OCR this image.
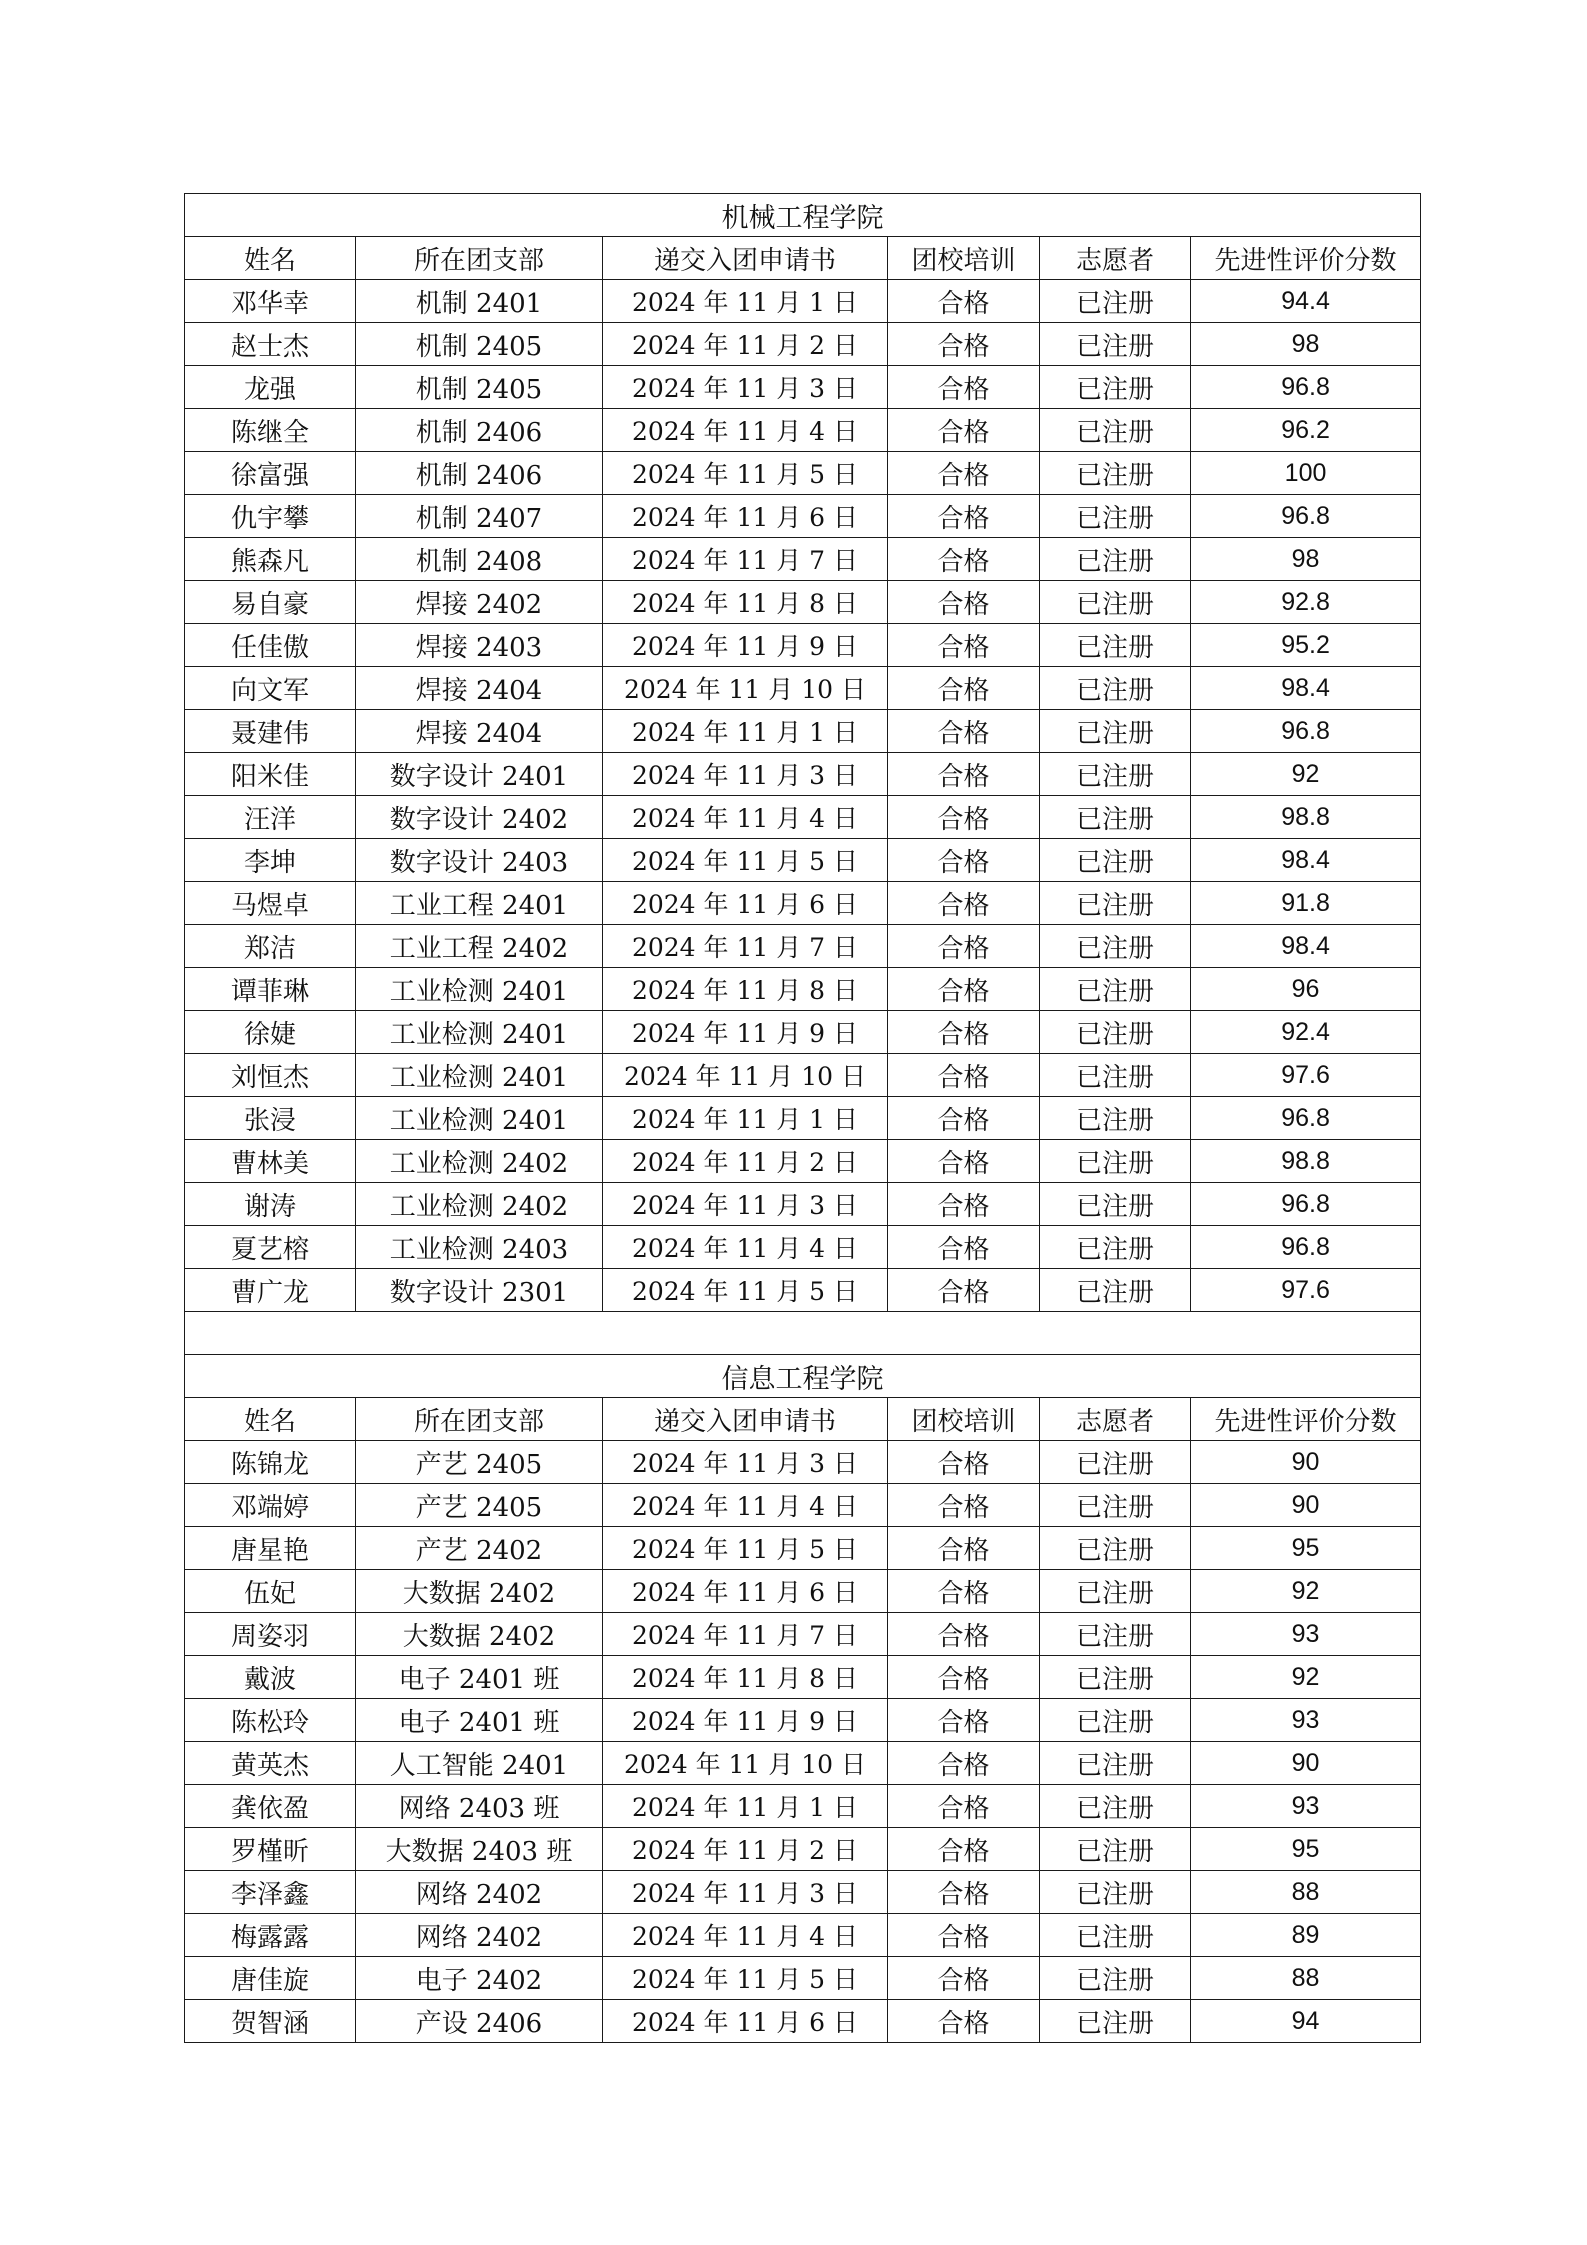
机械工程学院					
姓名	所在团支部	递交入团申请书	团校培训	志愿者	先进性评价分数
邓华幸	机制 2401	2024 年 11 月 1 日	合格	已注册	94.4
赵士杰	机制 2405	2024 年 11 月 2 日	合格	已注册	98
龙强	机制 2405	2024 年 11 月 3 日	合格	已注册	96.8
陈继全	机制 2406	2024 年 11 月 4 日	合格	已注册	96.2
徐富强	机制 2406	2024 年 11 月 5 日	合格	已注册	100
仇宇攀	机制 2407	2024 年 11 月 6 日	合格	已注册	96.8
熊森凡	机制 2408	2024 年 11 月 7 日	合格	已注册	98
易自豪	焊接 2402	2024 年 11 月 8 日	合格	已注册	92.8
任佳傲	焊接 2403	2024 年 11 月 9 日	合格	已注册	95.2
向文军	焊接 2404	2024 年 11 月 10 日	合格	已注册	98.4
聂建伟	焊接 2404	2024 年 11 月 1 日	合格	已注册	96.8
阳米佳	数字设计 2401	2024 年 11 月 3 日	合格	已注册	92
汪洋	数字设计 2402	2024 年 11 月 4 日	合格	已注册	98.8
李坤	数字设计 2403	2024 年 11 月 5 日	合格	已注册	98.4
马煜卓	工业工程 2401	2024 年 11 月 6 日	合格	已注册	91.8
郑洁	工业工程 2402	2024 年 11 月 7 日	合格	已注册	98.4
谭菲琳	工业检测 2401	2024 年 11 月 8 日	合格	已注册	96
徐婕	工业检测 2401	2024 年 11 月 9 日	合格	已注册	92.4
刘恒杰	工业检测 2401	2024 年 11 月 10 日	合格	已注册	97.6
张浸	工业检测 2401	2024 年 11 月 1 日	合格	已注册	96.8
曹林美	工业检测 2402	2024 年 11 月 2 日	合格	已注册	98.8
谢涛	工业检测 2402	2024 年 11 月 3 日	合格	已注册	96.8
夏艺榕	工业检测 2403	2024 年 11 月 4 日	合格	已注册	96.8
曹广龙	数字设计 2301	2024 年 11 月 5 日	合格	已注册	97.6

信息工程学院					
姓名	所在团支部	递交入团申请书	团校培训	志愿者	先进性评价分数
陈锦龙	产艺 2405	2024 年 11 月 3 日	合格	已注册	90
邓端婷	产艺 2405	2024 年 11 月 4 日	合格	已注册	90
唐星艳	产艺 2402	2024 年 11 月 5 日	合格	已注册	95
伍妃	大数据 2402	2024 年 11 月 6 日	合格	已注册	92
周姿羽	大数据 2402	2024 年 11 月 7 日	合格	已注册	93
戴波	电子 2401 班	2024 年 11 月 8 日	合格	已注册	92
陈松玲	电子 2401 班	2024 年 11 月 9 日	合格	已注册	93
黄英杰	人工智能 2401	2024 年 11 月 10 日	合格	已注册	90
龚依盈	网络 2403 班	2024 年 11 月 1 日	合格	已注册	93
罗槿昕	大数据 2403 班	2024 年 11 月 2 日	合格	已注册	95
李泽鑫	网络 2402	2024 年 11 月 3 日	合格	已注册	88
梅露露	网络 2402	2024 年 11 月 4 日	合格	已注册	89
唐佳旋	电子 2402	2024 年 11 月 5 日	合格	已注册	88
贺智涵	产设 2406	2024 年 11 月 6 日	合格	已注册	94
